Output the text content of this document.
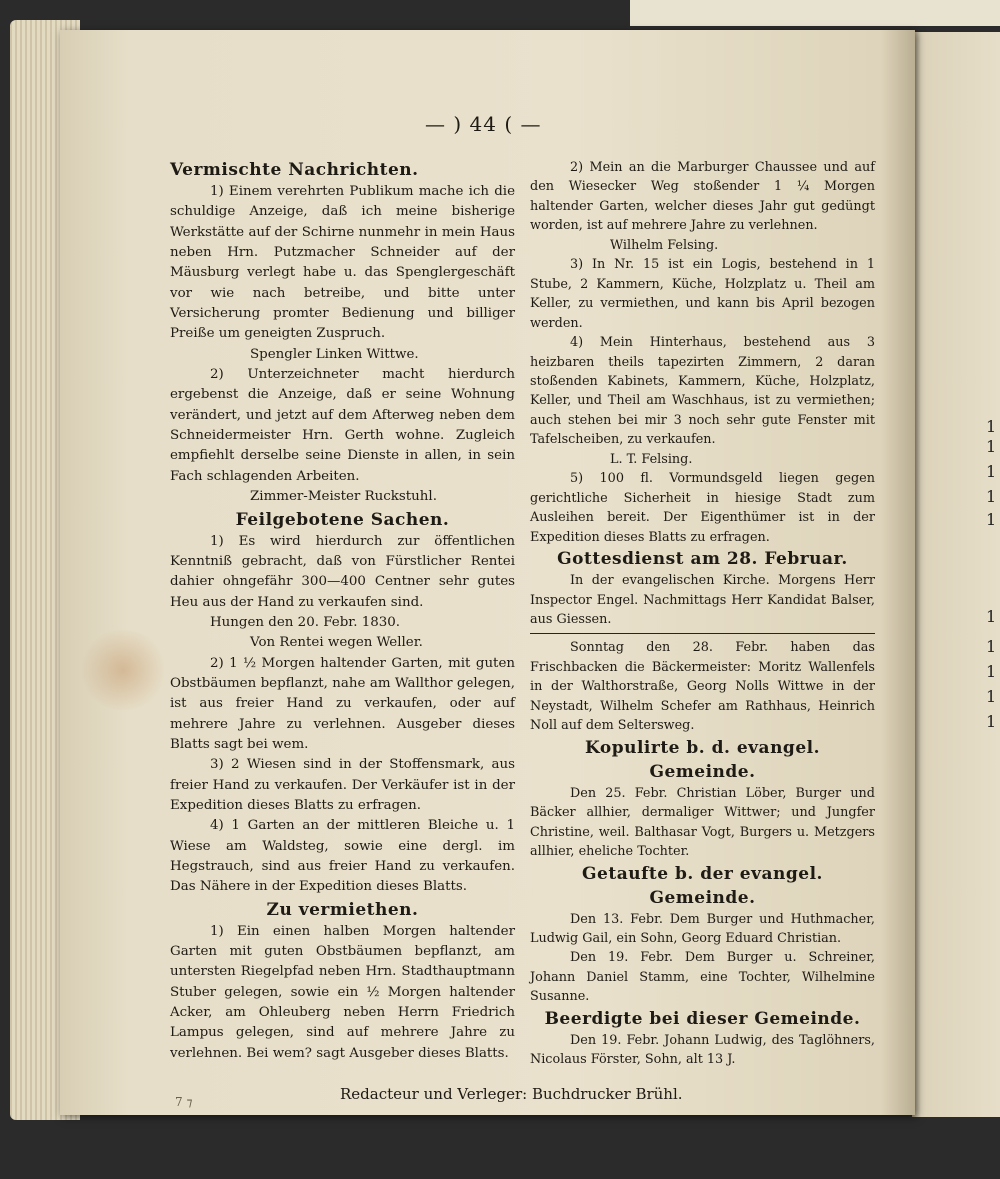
1
1
1
1
1
1
1
1
1
1
— ) 44 ( —

Vermischte Nachrichten.

1) Einem verehrten Publikum mache ich die schuldige Anzeige, daß ich meine bisherige Werkstätte auf der Schirne nunmehr in mein Haus neben Hrn. Putzmacher Schneider auf der Mäusburg verlegt habe u. das Spenglergeschäft vor wie nach betreibe, und bitte unter Versicherung promter Bedienung und billiger Preiße um geneigten Zuspruch.

Spengler Linken Wittwe.

2) Unterzeichneter macht hierdurch ergebenst die Anzeige, daß er seine Wohnung verändert, und jetzt auf dem Afterweg neben dem Schneidermeister Hrn. Gerth wohne. Zugleich empfiehlt derselbe seine Dienste in allen, in sein Fach schlagenden Arbeiten.

Zimmer-Meister Ruckstuhl.

Feilgebotene Sachen.

1) Es wird hierdurch zur öffentlichen Kenntniß gebracht, daß von Fürstlicher Rentei dahier ohngefähr 300—400 Centner sehr gutes Heu aus der Hand zu verkaufen sind.

Hungen den 20. Febr. 1830.

Von Rentei wegen Weller.

2) 1 ½ Morgen haltender Garten, mit guten Obstbäumen bepflanzt, nahe am Wallthor gelegen, ist aus freier Hand zu verkaufen, oder auf mehrere Jahre zu verlehnen. Ausgeber dieses Blatts sagt bei wem.

3) 2 Wiesen sind in der Stoffensmark, aus freier Hand zu verkaufen. Der Verkäufer ist in der Expedition dieses Blatts zu erfragen.

4) 1 Garten an der mittleren Bleiche u. 1 Wiese am Waldsteg, sowie eine dergl. im Hegstrauch, sind aus freier Hand zu verkaufen. Das Nähere in der Expedition dieses Blatts.

Zu vermiethen.

1) Ein einen halben Morgen haltender Garten mit guten Obstbäumen bepflanzt, am untersten Riegelpfad neben Hrn. Stadthauptmann Stuber gelegen, sowie ein ½ Morgen haltender Acker, am Ohleuberg neben Herrn Friedrich Lampus gelegen, sind auf mehrere Jahre zu verlehnen. Bei wem? sagt Ausgeber dieses Blatts.

2) Mein an die Marburger Chaussee und auf den Wiesecker Weg stoßender 1 ¼ Morgen haltender Garten, welcher dieses Jahr gut gedüngt worden, ist auf mehrere Jahre zu verlehnen.

Wilhelm Felsing.

3) In Nr. 15 ist ein Logis, bestehend in 1 Stube, 2 Kammern, Küche, Holzplatz u. Theil am Keller, zu vermiethen, und kann bis April bezogen werden.

4) Mein Hinterhaus, bestehend aus 3 heizbaren theils tapezirten Zimmern, 2 daran stoßenden Kabinets, Kammern, Küche, Holzplatz, Keller, und Theil am Waschhaus, ist zu vermiethen; auch stehen bei mir 3 noch sehr gute Fenster mit Tafelscheiben, zu verkaufen.

L. T. Felsing.

5) 100 fl. Vormundsgeld liegen gegen gerichtliche Sicherheit in hiesige Stadt zum Ausleihen bereit. Der Eigenthümer ist in der Expedition dieses Blatts zu erfragen.

Gottesdienst am 28. Februar.

In der evangelischen Kirche. Morgens Herr Inspector Engel. Nachmittags Herr Kandidat Balser, aus Giessen.

Sonntag den 28. Febr. haben das Frischbacken die Bäckermeister: Moritz Wallenfels in der Walthorstraße, Georg Nolls Wittwe in der Neystadt, Wilhelm Schefer am Rathhaus, Heinrich Noll auf dem Seltersweg.

Kopulirte b. d. evangel. Gemeinde.

Den 25. Febr. Christian Löber, Burger und Bäcker allhier, dermaliger Wittwer; und Jungfer Christine, weil. Balthasar Vogt, Burgers u. Metzgers allhier, eheliche Tochter.

Getaufte b. der evangel. Gemeinde.

Den 13. Febr. Dem Burger und Huthmacher, Ludwig Gail, ein Sohn, Georg Eduard Christian.

Den 19. Febr. Dem Burger u. Schreiner, Johann Daniel Stamm, eine Tochter, Wilhelmine Susanne.

Beerdigte bei dieser Gemeinde.

Den 19. Febr. Johann Ludwig, des Taglöhners, Nicolaus Förster, Sohn, alt 13 J.

Redacteur und Verleger: Buchdrucker Brühl.
7 ⁊
